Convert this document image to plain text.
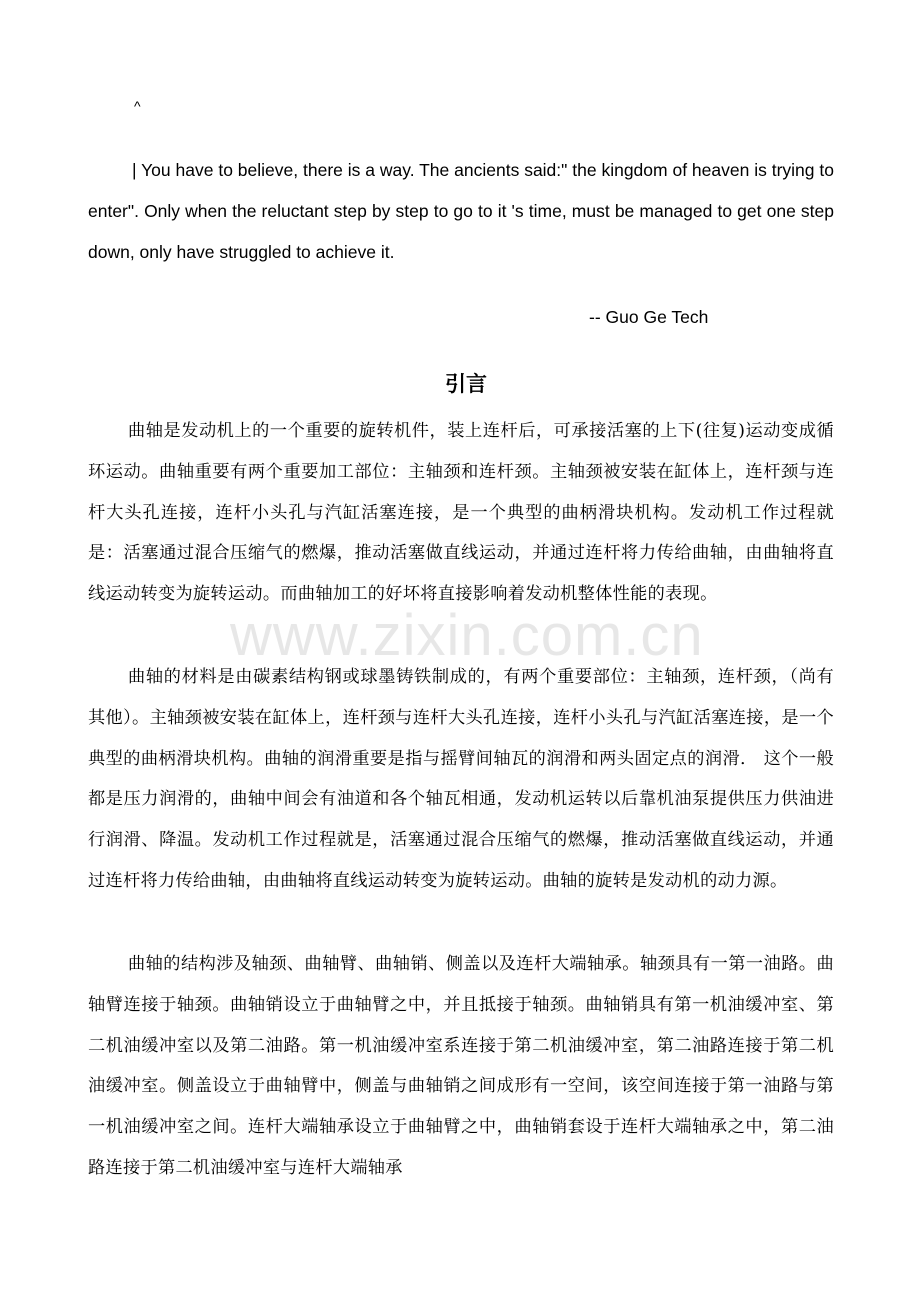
^

| You have to believe, there is a way. The ancients said:" the kingdom of heaven is trying to enter". Only when the reluctant step by step to go to it 's time, must be managed to get one step down, only have struggled to achieve it.

-- Guo Ge Tech
引言

曲轴是发动机上的一个重要的旋转机件，装上连杆后，可承接活塞的上下(往复)运动变成循环运动。曲轴重要有两个重要加工部位：主轴颈和连杆颈。主轴颈被安装在缸体上，连杆颈与连杆大头孔连接，连杆小头孔与汽缸活塞连接，是一个典型的曲柄滑块机构。发动机工作过程就是：活塞通过混合压缩气的燃爆，推动活塞做直线运动，并通过连杆将力传给曲轴，由曲轴将直线运动转变为旋转运动。而曲轴加工的好坏将直接影响着发动机整体性能的表现。

曲轴的材料是由碳素结构钢或球墨铸铁制成的，有两个重要部位：主轴颈，连杆颈，（尚有其他）。主轴颈被安装在缸体上，连杆颈与连杆大头孔连接，连杆小头孔与汽缸活塞连接，是一个典型的曲柄滑块机构。曲轴的润滑重要是指与摇臂间轴瓦的润滑和两头固定点的润滑． 这个一般都是压力润滑的，曲轴中间会有油道和各个轴瓦相通，发动机运转以后靠机油泵提供压力供油进行润滑、降温。发动机工作过程就是，活塞通过混合压缩气的燃爆，推动活塞做直线运动，并通过连杆将力传给曲轴，由曲轴将直线运动转变为旋转运动。曲轴的旋转是发动机的动力源。

曲轴的结构涉及轴颈、曲轴臂、曲轴销、侧盖以及连杆大端轴承。轴颈具有一第一油路。曲轴臂连接于轴颈。曲轴销设立于曲轴臂之中，并且抵接于轴颈。曲轴销具有第一机油缓冲室、第二机油缓冲室以及第二油路。第一机油缓冲室系连接于第二机油缓冲室，第二油路连接于第二机油缓冲室。侧盖设立于曲轴臂中，侧盖与曲轴销之间成形有一空间，该空间连接于第一油路与第一机油缓冲室之间。连杆大端轴承设立于曲轴臂之中，曲轴销套设于连杆大端轴承之中，第二油路连接于第二机油缓冲室与连杆大端轴承

www.zixin.com.cn
